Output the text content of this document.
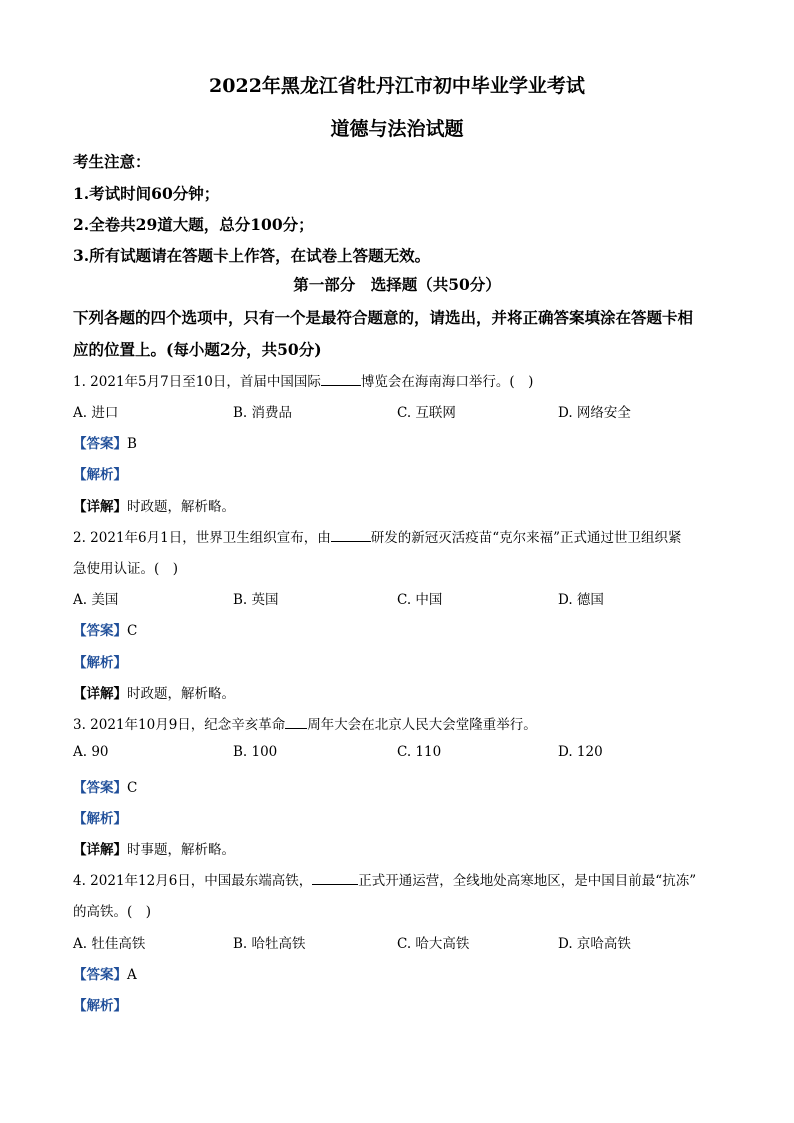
2022年黑龙江省牡丹江市初中毕业学业考试
道德与法治试题
考生注意：
1.考试时间60分钟；
2.全卷共29道大题，总分100分；
3.所有试题请在答题卡上作答，在试卷上答题无效。
第一部分　选择题（共50分）
下列各题的四个选项中，只有一个是最符合题意的，请选出，并将正确答案填涂在答题卡相
应的位置上。(每小题2分，共50分)
1. 2021年5月7日至10日，首届中国国际	博览会在海南海口举行。(　)
A. 进口	B. 消费品	C. 互联网	D. 网络安全
【答案】B
【解析】
【详解】时政题，解析略。
2. 2021年6月1日，世界卫生组织宣布，由	研发的新冠灭活疫苗“克尔来福”正式通过世卫组织紧
急使用认证。(　)
A. 美国	B. 英国	C. 中国	D. 德国
【答案】C
【解析】
【详解】时政题，解析略。
3. 2021年10月9日，纪念辛亥革命 周年大会在北京人民大会堂隆重举行。
A. 90	B. 100	C. 110	D. 120
【答案】C
【解析】
【详解】时事题，解析略。
4. 2021年12月6日，中国最东端高铁，	正式开通运营，全线地处高寒地区，是中国目前最“抗冻”
的高铁。(　)
A. 牡佳高铁	B. 哈牡高铁	C. 哈大高铁	D. 京哈高铁
【答案】A
【解析】
